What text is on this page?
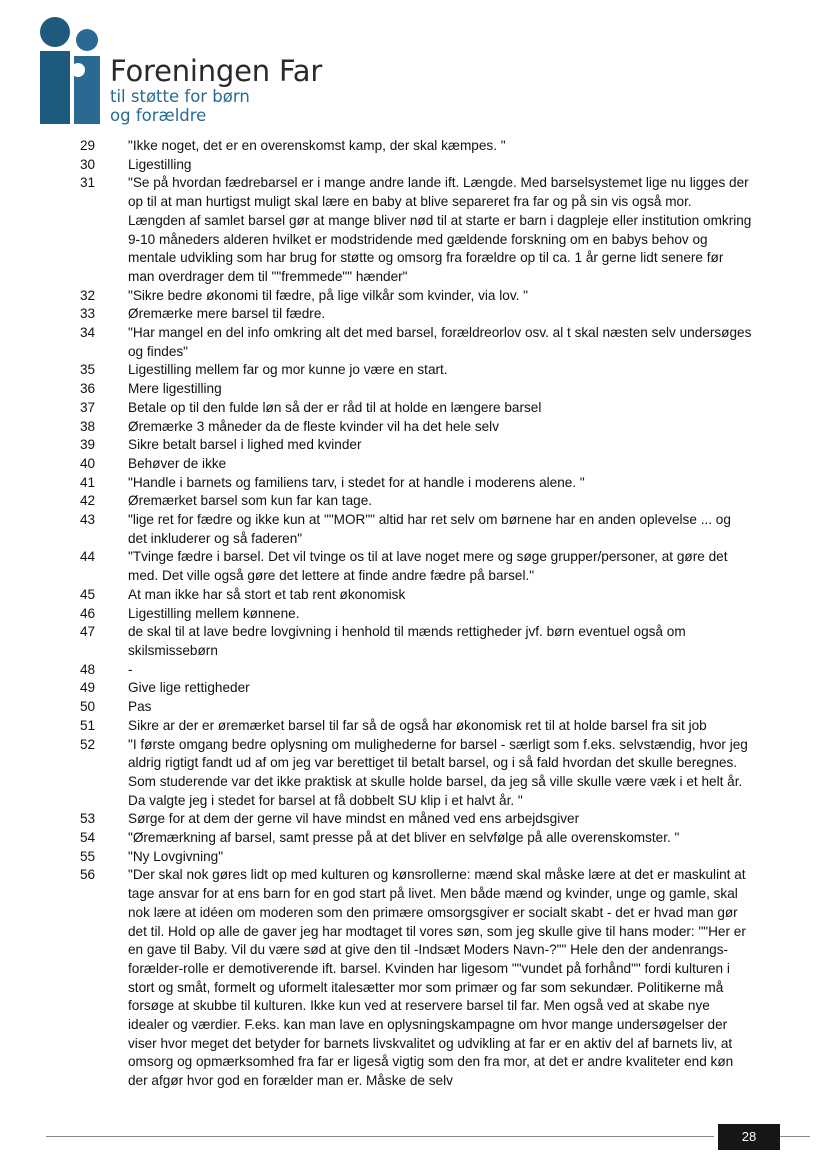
Foreningen Far
til støtte for børn
og forældre
29	"Ikke noget, det er en overenskomst kamp, der skal kæmpes. "
30	Ligestilling
31	"Se på hvordan fædrebarsel er i mange andre lande ift. Længde. Med barselsystemet lige nu ligges der op til at man hurtigst muligt skal lære en baby at blive separeret fra far og på sin vis også mor. Længden af samlet barsel gør at mange bliver nød til at starte er barn i dagpleje eller institution omkring 9-10 måneders alderen hvilket er modstridende med gældende forskning om en babys behov og mentale udvikling som har brug for støtte og omsorg fra forældre op til ca. 1 år gerne lidt senere før man overdrager dem til ""fremmede"" hænder"
32	"Sikre bedre økonomi til fædre, på lige vilkår som kvinder, via lov. "
33	Øremærke mere barsel til fædre.
34	"Har mangel en del info omkring alt det med barsel, forældreorlov osv. al t skal næsten selv undersøges og findes"
35	Ligestilling mellem far og mor kunne jo være en start.
36	Mere ligestilling
37	Betale op til den fulde løn så der er råd til at holde en længere barsel
38	Øremærke 3 måneder da de fleste kvinder vil ha det hele selv
39	Sikre betalt barsel i lighed med kvinder
40	Behøver de ikke
41	"Handle i barnets og familiens tarv, i stedet for at handle i moderens alene. "
42	Øremærket barsel som kun far kan tage.
43	"lige ret for fædre og ikke kun at ""MOR"" altid har ret selv om børnene har en anden oplevelse ... og det inkluderer og så faderen"
44	"Tvinge fædre i barsel. Det vil tvinge os til at lave noget mere og søge grupper/personer, at gøre det med. Det ville også gøre det lettere at finde andre fædre på barsel."
45	At man ikke har så stort et tab rent økonomisk
46	Ligestilling mellem kønnene.
47	de skal til at lave bedre lovgivning i henhold til mænds rettigheder jvf. børn eventuel også om skilsmissebørn
48	-
49	Give lige rettigheder
50	Pas
51	Sikre ar der er øremærket barsel til far så de også har økonomisk ret til at holde barsel fra sit job
52	"I første omgang bedre oplysning om mulighederne for barsel - særligt som f.eks. selvstændig, hvor jeg aldrig rigtigt fandt ud af om jeg var berettiget til betalt barsel, og i så fald hvordan det skulle beregnes. Som studerende var det ikke praktisk at skulle holde barsel, da jeg så ville skulle være væk i et helt år. Da valgte jeg i stedet for barsel at få dobbelt SU klip i et halvt år. "
53	Sørge for at dem der gerne vil have mindst en måned ved ens arbejdsgiver
54	"Øremærkning af barsel, samt presse på at det bliver en selvfølge på alle overenskomster. "
55	"Ny Lovgivning"
56	"Der skal nok gøres lidt op med kulturen og kønsrollerne: mænd skal måske lære at det er maskulint at tage ansvar for at ens barn for en god start på livet. Men både mænd og kvinder, unge og gamle, skal nok lære at idéen om moderen som den primære omsorgsgiver er socialt skabt - det er hvad man gør det til. Hold op alle de gaver jeg har modtaget til vores søn, som jeg skulle give til hans moder: ""Her er en gave til Baby. Vil du være sød at give den til -Indsæt Moders Navn-?"" Hele den der andenrangs-forælder-rolle er demotiverende ift. barsel. Kvinden har ligesom ""vundet på forhånd"" fordi kulturen i stort og småt, formelt og uformelt italesætter mor som primær og far som sekundær. Politikerne må forsøge at skubbe til kulturen. Ikke kun ved at reservere barsel til far. Men også ved at skabe nye idealer og værdier. F.eks. kan man lave en oplysningskampagne om hvor mange undersøgelser der viser hvor meget det betyder for barnets livskvalitet og udvikling at far er en aktiv del af barnets liv, at omsorg og opmærksomhed fra far er ligeså vigtig som den fra mor, at det er andre kvaliteter end køn der afgør hvor god en forælder man er. Måske de selv
28
